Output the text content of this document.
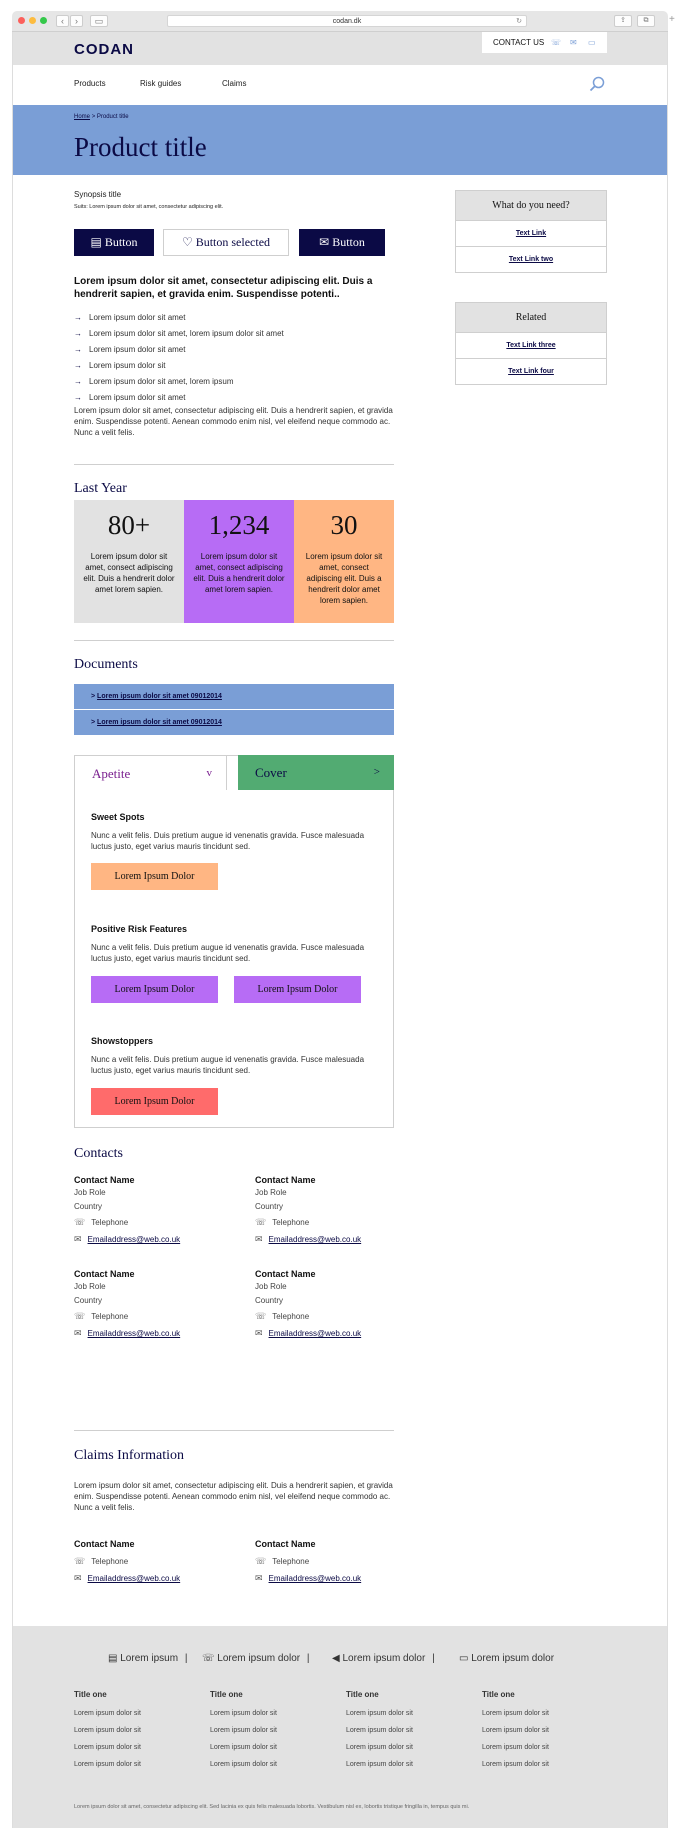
‹	›	▭	codan.dk	↻	⇪	⧉	+
CODAN	CONTACT US ☏ ✉ ▭
Products	Risk guides	Claims
Home > Product title
Product title
Synopsis title
Suits: Lorem ipsum dolor sit amet, consectetur adipiscing elit.
▤ Button	♡ Button selected	✉ Button
Lorem ipsum dolor sit amet, consectetur adipiscing elit. Duis a hendrerit sapien, et gravida enim. Suspendisse potenti..
→ Lorem ipsum dolor sit amet
→ Lorem ipsum dolor sit amet, lorem ipsum dolor sit amet
→ Lorem ipsum dolor sit amet
→ Lorem ipsum dolor sit
→ Lorem ipsum dolor sit amet, lorem ipsum
→ Lorem ipsum dolor sit amet
Lorem ipsum dolor sit amet, consectetur adipiscing elit. Duis a hendrerit sapien, et gravida enim. Suspendisse potenti. Aenean commodo enim nisl, vel eleifend neque commodo ac. Nunc a velit felis.
Last Year
80+
Lorem ipsum dolor sit amet, consect adipiscing elit. Duis a hendrerit dolor amet lorem sapien.
1,234
Lorem ipsum dolor sit amet, consect adipiscing elit. Duis a hendrerit dolor amet lorem sapien.
30
Lorem ipsum dolor sit amet, consect adipiscing elit. Duis a hendrerit dolor amet lorem sapien.
Documents
> Lorem ipsum dolor sit amet 09012014
> Lorem ipsum dolor sit amet 09012014
Apetite	v	Cover	>
Sweet Spots
Nunc a velit felis. Duis pretium augue id venenatis gravida. Fusce malesuada luctus justo, eget varius mauris tincidunt sed.
Lorem Ipsum Dolor
Positive Risk Features
Nunc a velit felis. Duis pretium augue id venenatis gravida. Fusce malesuada luctus justo, eget varius mauris tincidunt sed.
Lorem Ipsum Dolor	Lorem Ipsum Dolor
Showstoppers
Nunc a velit felis. Duis pretium augue id venenatis gravida. Fusce malesuada luctus justo, eget varius mauris tincidunt sed.
Lorem Ipsum Dolor
Contacts
Contact Name
Job Role
Country
☏ Telephone
✉ Emailaddress@web.co.uk
Contact Name
Job Role
Country
☏ Telephone
✉ Emailaddress@web.co.uk
Contact Name
Job Role
Country
☏ Telephone
✉ Emailaddress@web.co.uk
Contact Name
Job Role
Country
☏ Telephone
✉ Emailaddress@web.co.uk
Claims Information
Lorem ipsum dolor sit amet, consectetur adipiscing elit. Duis a hendrerit sapien, et gravida enim. Suspendisse potenti. Aenean commodo enim nisl, vel eleifend neque commodo ac. Nunc a velit felis.
Contact Name
☏ Telephone
✉ Emailaddress@web.co.uk
Contact Name
☏ Telephone
✉ Emailaddress@web.co.uk
What do you need?
Text Link
Text Link two
Related
Text Link three
Text Link four
▤ Lorem ipsum | ☏ Lorem ipsum dolor | ◀ Lorem ipsum dolor | ▭ Lorem ipsum dolor
Title one
Lorem ipsum dolor sit
Lorem ipsum dolor sit
Lorem ipsum dolor sit
Lorem ipsum dolor sit
Title one
Lorem ipsum dolor sit
Lorem ipsum dolor sit
Lorem ipsum dolor sit
Lorem ipsum dolor sit
Title one
Lorem ipsum dolor sit
Lorem ipsum dolor sit
Lorem ipsum dolor sit
Lorem ipsum dolor sit
Title one
Lorem ipsum dolor sit
Lorem ipsum dolor sit
Lorem ipsum dolor sit
Lorem ipsum dolor sit
Lorem ipsum dolor sit amet, consectetur adipiscing elit. Sed lacinia ex quis felis malesuada lobortis. Vestibulum nisl ex, lobortis tristique fringilla in, tempus quis mi.
